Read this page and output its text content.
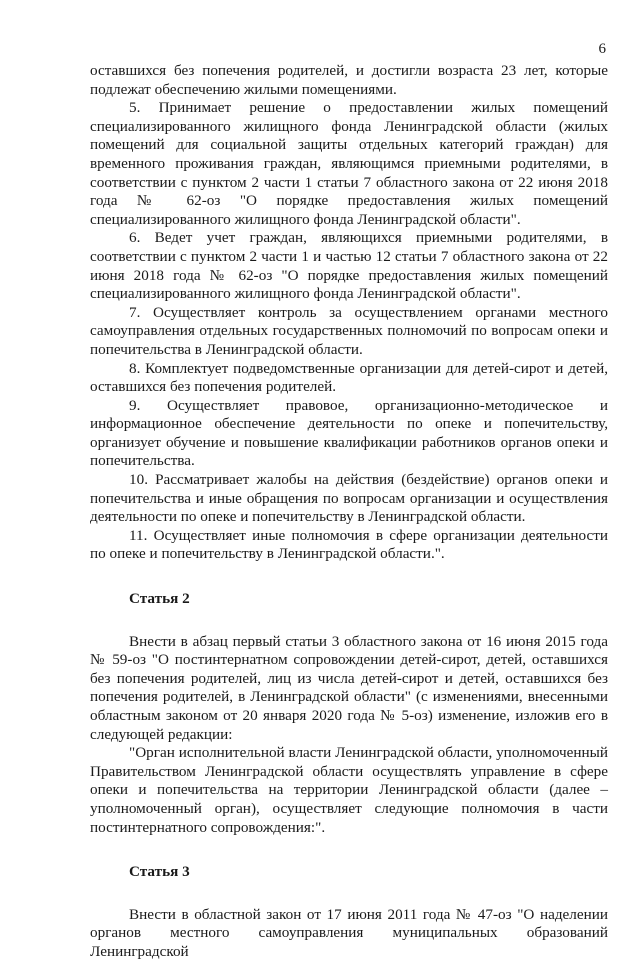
6

оставшихся без попечения родителей, и достигли возраста 23 лет, которые подлежат обеспечению жилыми помещениями.

5. Принимает решение о предоставлении жилых помещений специализированного жилищного фонда Ленинградской области (жилых помещений для социальной защиты отдельных категорий граждан) для временного проживания граждан, являющимся приемными родителями, в соответствии с пунктом 2 части 1 статьи 7 областного закона от 22 июня 2018 года № 62-оз "О порядке предоставления жилых помещений специализированного жилищного фонда Ленинградской области".

6. Ведет учет граждан, являющихся приемными родителями, в соответствии с пунктом 2 части 1 и частью 12 статьи 7 областного закона от 22 июня 2018 года № 62-оз "О порядке предоставления жилых помещений специализированного жилищного фонда Ленинградской области".

7. Осуществляет контроль за осуществлением органами местного самоуправления отдельных государственных полномочий по вопросам опеки и попечительства в Ленинградской области.

8. Комплектует подведомственные организации для детей-сирот и детей, оставшихся без попечения родителей.

9. Осуществляет правовое, организационно-методическое и информационное обеспечение деятельности по опеке и попечительству, организует обучение и повышение квалификации работников органов опеки и попечительства.

10. Рассматривает жалобы на действия (бездействие) органов опеки и попечительства и иные обращения по вопросам организации и осуществления деятельности по опеке и попечительству в Ленинградской области.

11. Осуществляет иные полномочия в сфере организации деятельности по опеке и попечительству в Ленинградской области.".

Статья 2

Внести в абзац первый статьи 3 областного закона от 16 июня 2015 года № 59-оз "О постинтернатном сопровождении детей-сирот, детей, оставшихся без попечения родителей, лиц из числа детей-сирот и детей, оставшихся без попечения родителей, в Ленинградской области" (с изменениями, внесенными областным законом от 20 января 2020 года № 5-оз) изменение, изложив его в следующей редакции:

"Орган исполнительной власти Ленинградской области, уполномоченный Правительством Ленинградской области осуществлять управление в сфере опеки и попечительства на территории Ленинградской области (далее – уполномоченный орган), осуществляет следующие полномочия в части постинтернатного сопровождения:".

Статья 3

Внести в областной закон от 17 июня 2011 года № 47-оз "О наделении органов местного самоуправления муниципальных образований Ленинградской
